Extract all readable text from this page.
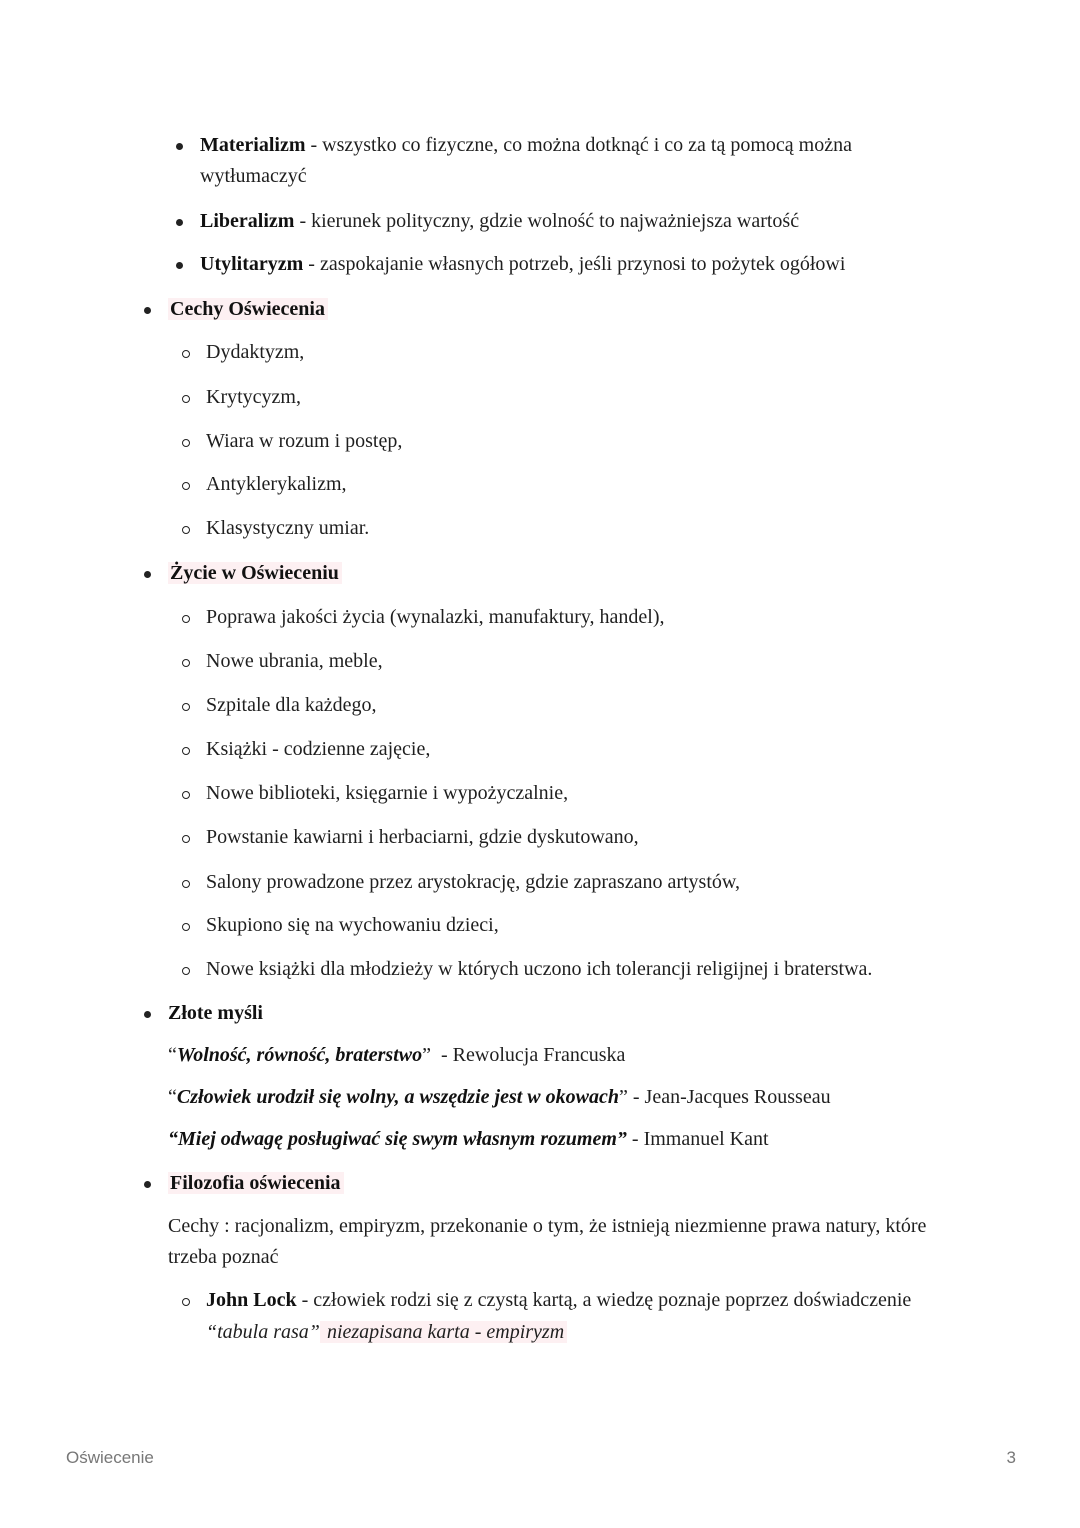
Materializm - wszystko co fizyczne, co można dotknąć i co za tą pomocą można wytłumaczyć
Liberalizm - kierunek polityczny, gdzie wolność to najważniejsza wartość
Utylitaryzm - zaspokajanie własnych potrzeb, jeśli przynosi to pożytek ogółowi
Cechy Oświecenia
Dydaktyzm,
Krytycyzm,
Wiara w rozum i postęp,
Antyklerykalizm,
Klasystyczny umiar.
Życie w Oświeceniu
Poprawa jakości życia (wynalazki, manufaktury, handel),
Nowe ubrania, meble,
Szpitale dla każdego,
Książki - codzienne zajęcie,
Nowe biblioteki, księgarnie i wypożyczalnie,
Powstanie kawiarni i herbaciarni, gdzie dyskutowano,
Salony prowadzone przez arystokrację, gdzie zapraszano artystów,
Skupiono się na wychowaniu dzieci,
Nowe książki dla młodzieży w których uczono ich tolerancji religijnej i braterstwa.
Złote myśli
“Wolność, równość, braterstwo”  - Rewolucja Francuska
“Człowiek urodził się wolny, a wszędzie jest w okowach” - Jean-Jacques Rousseau
“Miej odwagę posługiwać się swym własnym rozumem” - Immanuel Kant
Filozofia oświecenia
Cechy : racjonalizm, empiryzm, przekonanie o tym, że istnieją niezmienne prawa natury, które trzeba poznać
John Lock - człowiek rodzi się z czystą kartą, a wiedzę poznaje poprzez doświadczenie
“tabula rasa” niezapisana karta - empiryzm
Oświecenie	3
